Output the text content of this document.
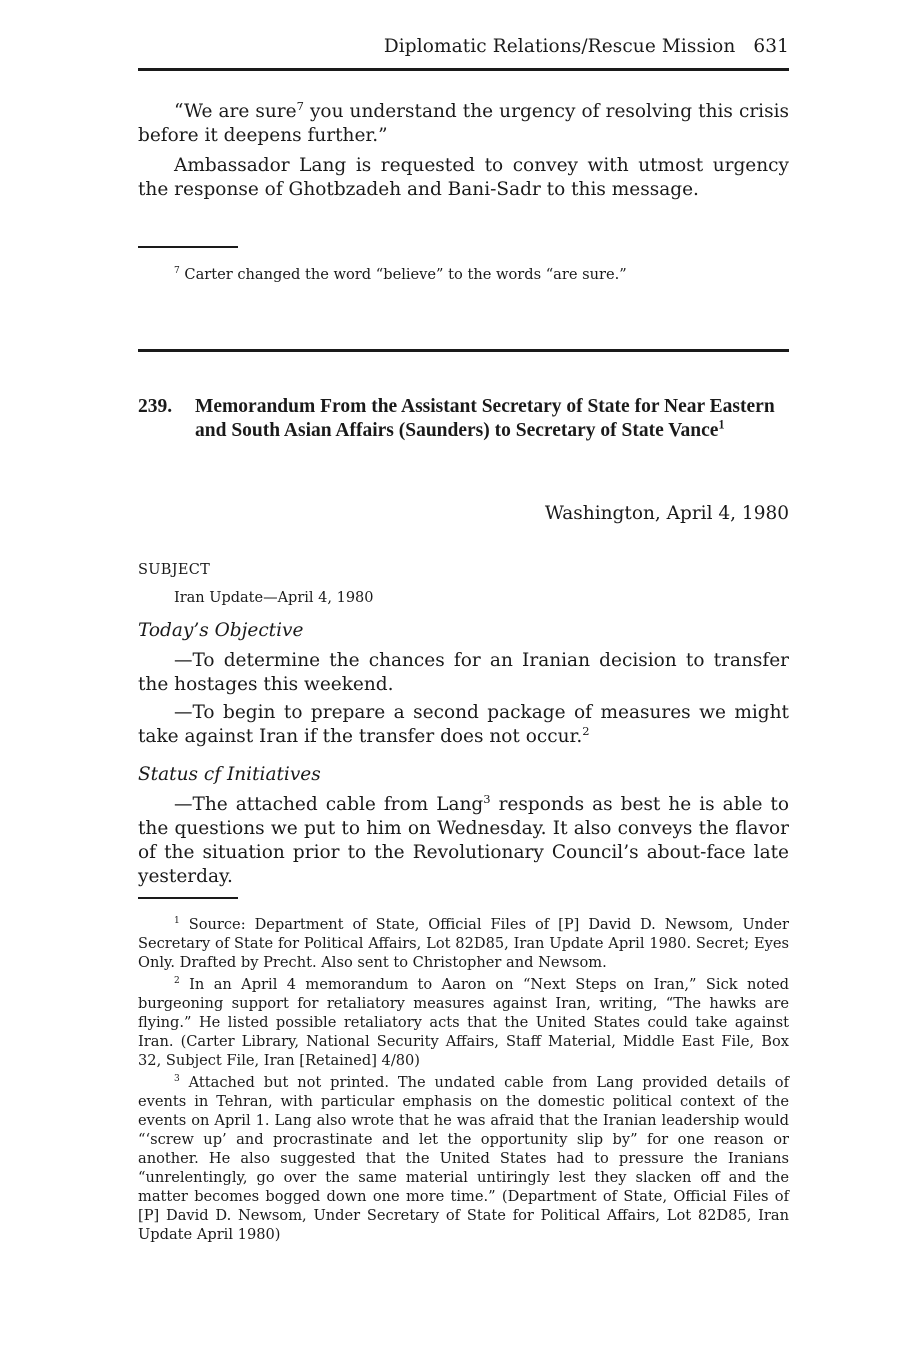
Diplomatic Relations/Rescue Mission 631

“We are sure$^7$ you understand the urgency of resolving this crisis before it deepens further.”

Ambassador Lang is requested to convey with utmost urgency the response of Ghotbzadeh and Bani-Sadr to this message.

$^7$ Carter changed the word “believe” to the words “are sure.”

239. Memorandum From the Assistant Secretary of State for Near Eastern and South Asian Affairs (Saunders) to Secretary of State Vance$^1$
Washington, April 4, 1980
SUBJECT
Iran Update—April 4, 1980

Today’s Objective

—To determine the chances for an Iranian decision to transfer the hostages this weekend.

—To begin to prepare a second package of measures we might take against Iran if the transfer does not occur.$^2$

Status cf Initiatives

—The attached cable from Lang$^3$ responds as best he is able to the questions we put to him on Wednesday. It also conveys the flavor of the situation prior to the Revolutionary Council’s about-face late yesterday.

$^1$ Source: Department of State, Official Files of [P] David D. Newsom, Under Secretary of State for Political Affairs, Lot 82D85, Iran Update April 1980. Secret; Eyes Only. Drafted by Precht. Also sent to Christopher and Newsom.

$^2$ In an April 4 memorandum to Aaron on “Next Steps on Iran,” Sick noted burgeoning support for retaliatory measures against Iran, writing, “The hawks are flying.” He listed possible retaliatory acts that the United States could take against Iran. (Carter Library, National Security Affairs, Staff Material, Middle East File, Box 32, Subject File, Iran [Retained] 4/80)

$^3$ Attached but not printed. The undated cable from Lang provided details of events in Tehran, with particular emphasis on the domestic political context of the events on April 1. Lang also wrote that he was afraid that the Iranian leadership would “‘screw up’ and procrastinate and let the opportunity slip by” for one reason or another. He also suggested that the United States had to pressure the Iranians “unrelentingly, go over the same material untiringly lest they slacken off and the matter becomes bogged down one more time.” (Department of State, Official Files of [P] David D. Newsom, Under Secretary of State for Political Affairs, Lot 82D85, Iran Update April 1980)
